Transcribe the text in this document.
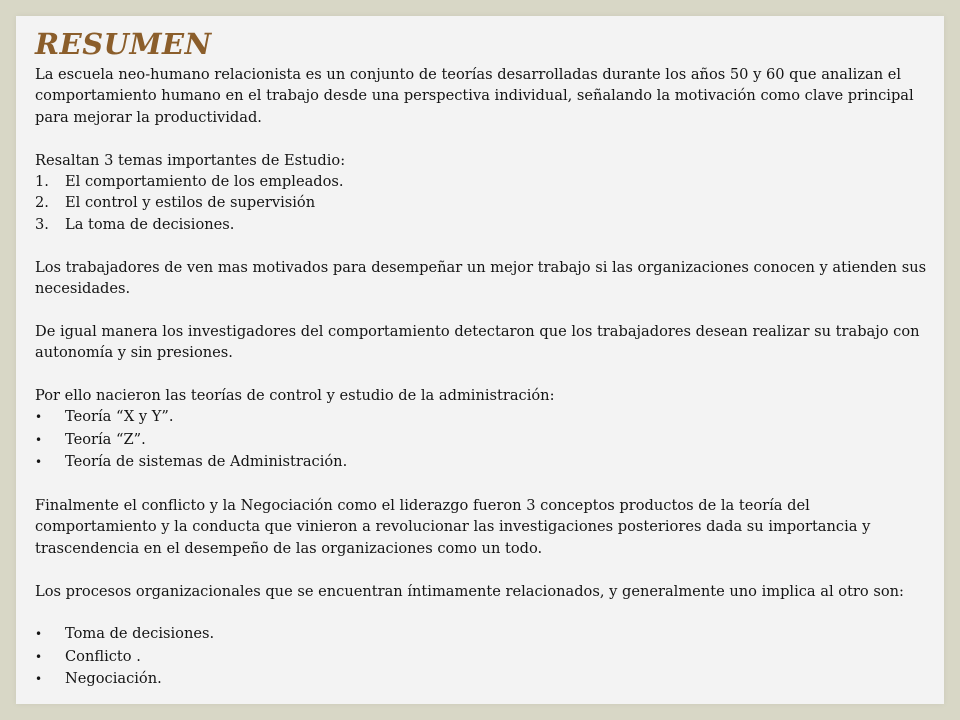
RESUMEN

La escuela neo-humano relacionista es un conjunto de teorías desarrolladas durante los años 50 y 60 que analizan el comportamiento humano en el trabajo desde una perspectiva individual, señalando la motivación como clave principal para mejorar la productividad.

Resaltan 3 temas importantes de Estudio:

1.	El comportamiento de los empleados.
2.	El control y estilos de supervisión
3.	La toma de decisiones.

Los trabajadores de ven mas motivados para desempeñar un mejor trabajo si las organizaciones conocen y atienden sus necesidades.

De igual manera los investigadores del comportamiento detectaron que los trabajadores desean realizar su trabajo con autonomía y sin presiones.

Por ello nacieron las teorías de control y estudio de la administración:

•	Teoría “X y Y”.
•	Teoría “Z”.
•	Teoría de sistemas de Administración.

Finalmente el conflicto y la Negociación como el liderazgo fueron 3 conceptos productos de la teoría del comportamiento y la conducta que vinieron a revolucionar las investigaciones posteriores dada su importancia y trascendencia en el desempeño de las organizaciones como un todo.

Los procesos organizacionales que se encuentran íntimamente relacionados, y generalmente uno implica al otro son:

•	Toma de decisiones.
•	Conflicto .
•	Negociación.
